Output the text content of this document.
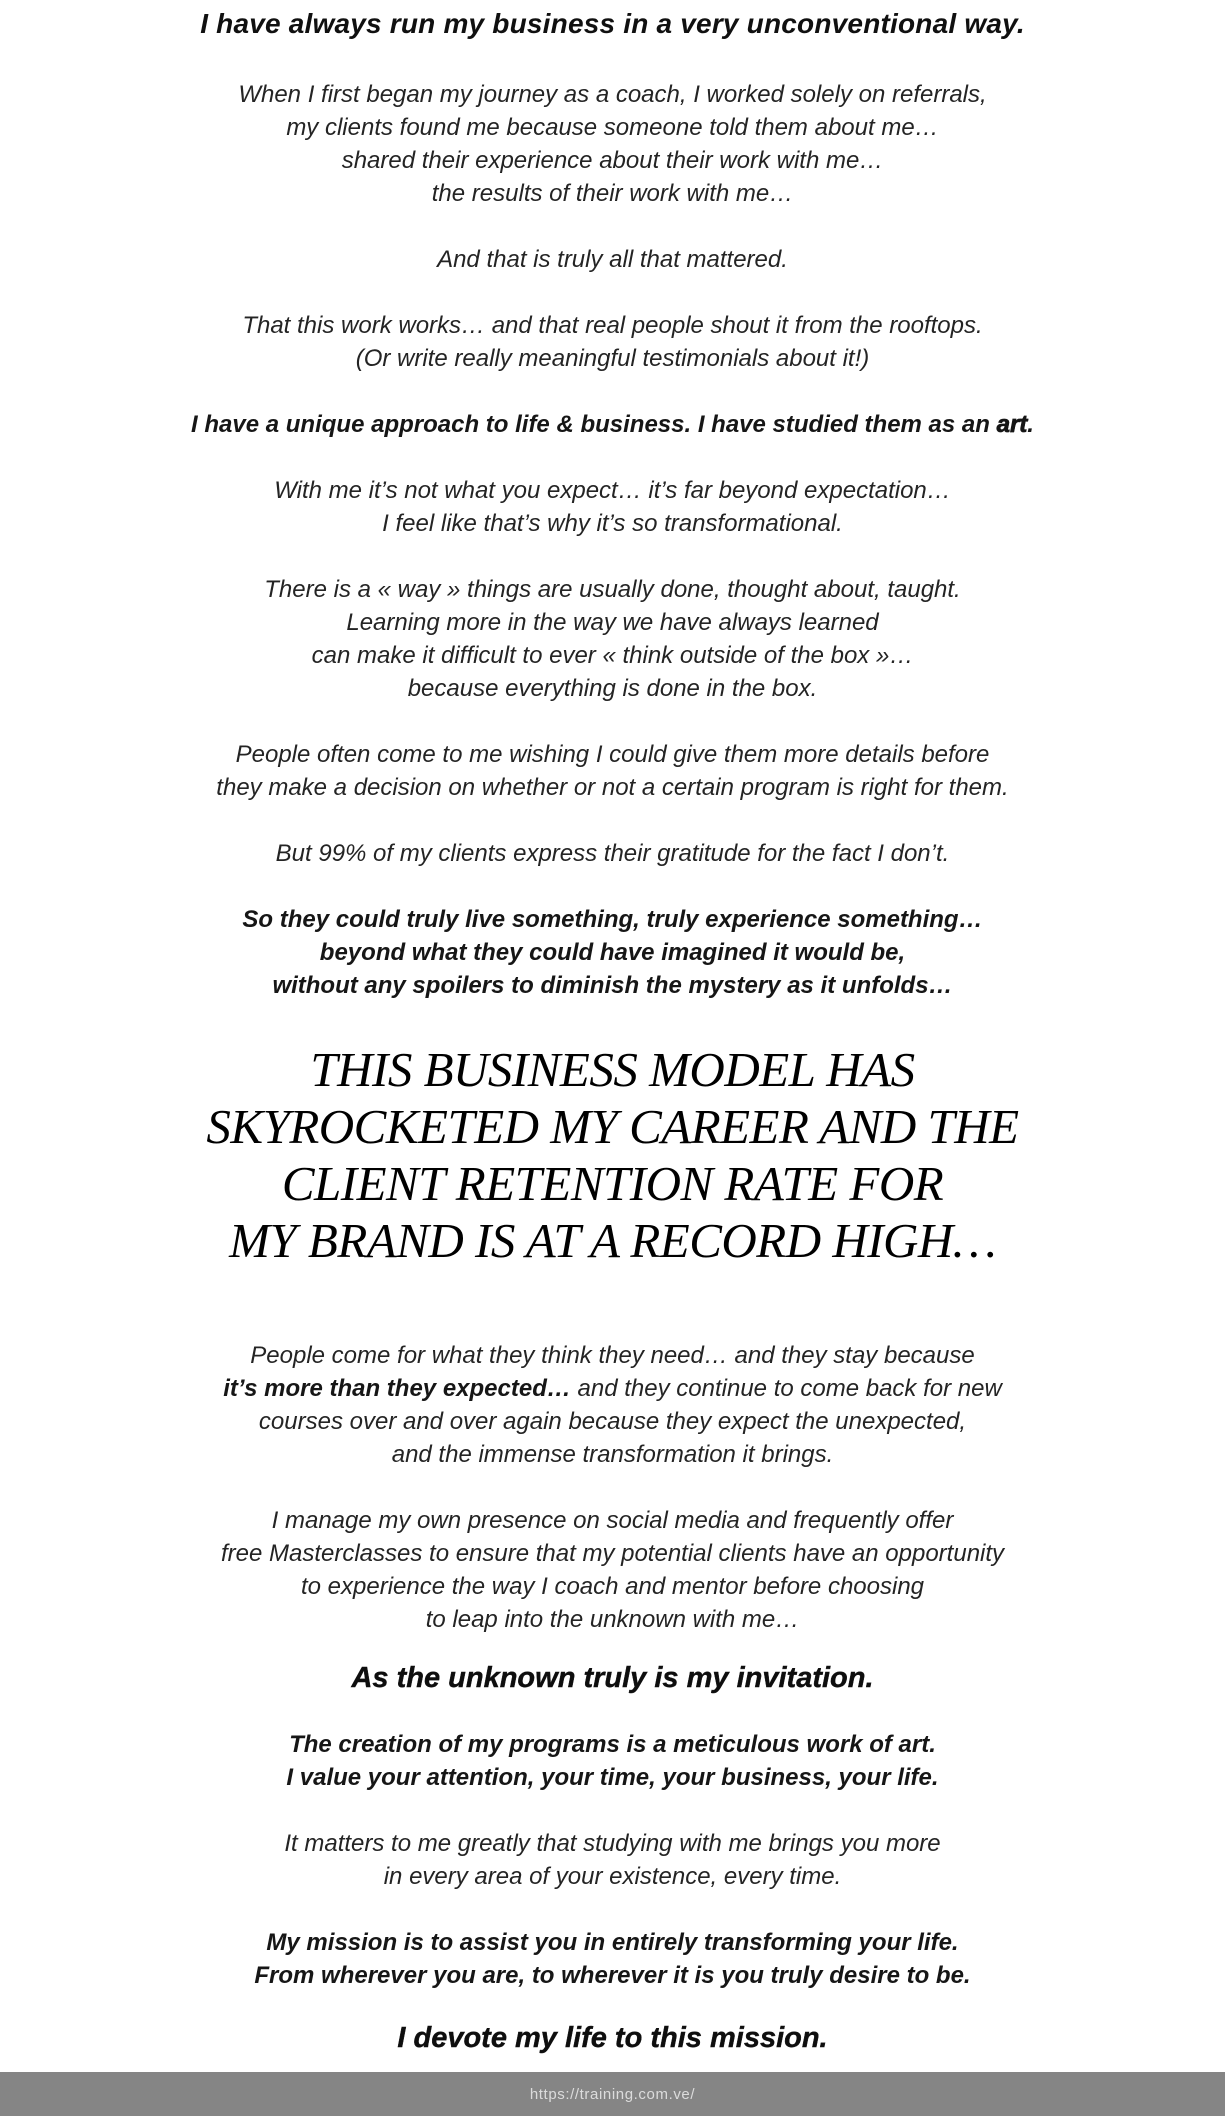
I have always run my business in a very unconventional way.

When I first began my journey as a coach, I worked solely on referrals,
my clients found me because someone told them about me…
shared their experience about their work with me…
the results of their work with me…

And that is truly all that mattered.

That this work works… and that real people shout it from the rooftops.
(Or write really meaningful testimonials about it!)

I have a unique approach to life & business. I have studied them as an art.

With me it’s not what you expect… it’s far beyond expectation…
I feel like that’s why it’s so transformational.

There is a « way » things are usually done, thought about, taught.
Learning more in the way we have always learned
can make it difficult to ever « think outside of the box »…
because everything is done in the box.

People often come to me wishing I could give them more details before
they make a decision on whether or not a certain program is right for them.

But 99% of my clients express their gratitude for the fact I don’t.

So they could truly live something, truly experience something…
beyond what they could have imagined it would be,
without any spoilers to diminish the mystery as it unfolds…

THIS BUSINESS MODEL HAS
SKYROCKETED MY CAREER AND THE
CLIENT RETENTION RATE FOR
MY BRAND IS AT A RECORD HIGH…

People come for what they think they need… and they stay because
it’s more than they expected… and they continue to come back for new
courses over and over again because they expect the unexpected,
and the immense transformation it brings.

I manage my own presence on social media and frequently offer
free Masterclasses to ensure that my potential clients have an opportunity
to experience the way I coach and mentor before choosing
to leap into the unknown with me…

As the unknown truly is my invitation.

The creation of my programs is a meticulous work of art.
I value your attention, your time, your business, your life.

It matters to me greatly that studying with me brings you more
in every area of your existence, every time.

My mission is to assist you in entirely transforming your life.
From wherever you are, to wherever it is you truly desire to be.

I devote my life to this mission.

https://training.com.ve/
